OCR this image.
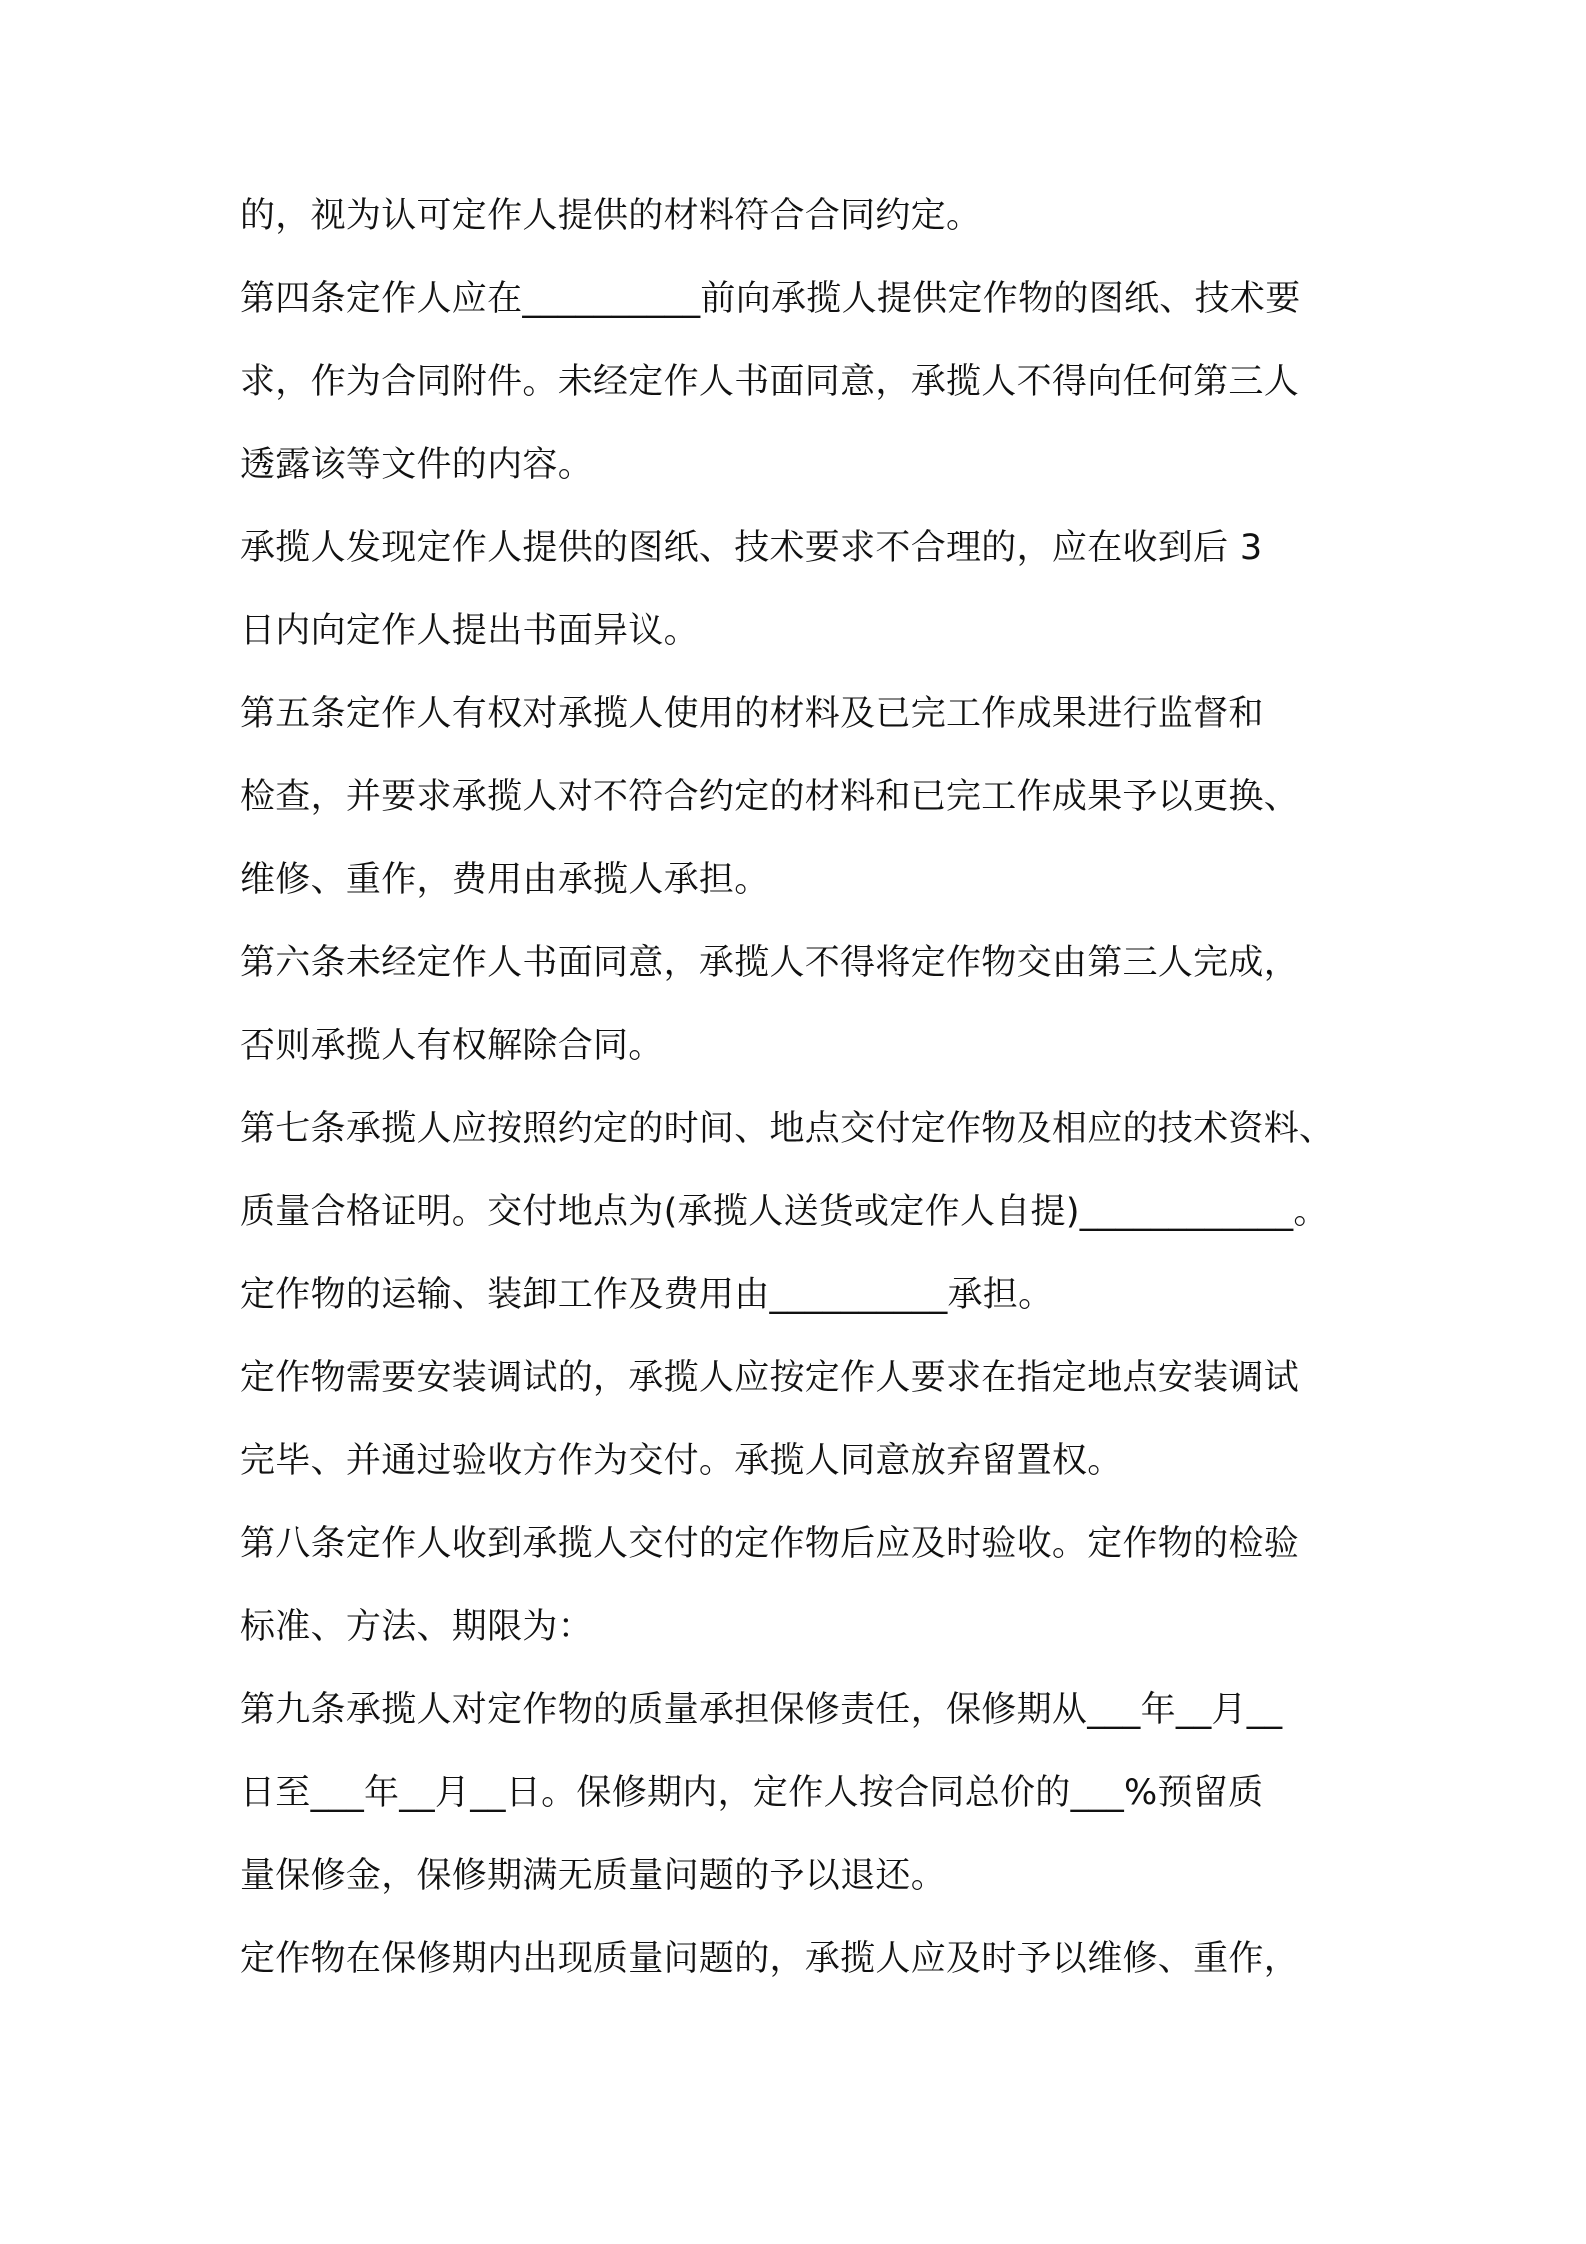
的，视为认可定作人提供的材料符合合同约定。
第四条定作人应在__________前向承揽人提供定作物的图纸、技术要
求，作为合同附件。未经定作人书面同意，承揽人不得向任何第三人
透露该等文件的内容。
承揽人发现定作人提供的图纸、技术要求不合理的，应在收到后 3
日内向定作人提出书面异议。
第五条定作人有权对承揽人使用的材料及已完工作成果进行监督和
检查，并要求承揽人对不符合约定的材料和已完工作成果予以更换、
维修、重作，费用由承揽人承担。
第六条未经定作人书面同意，承揽人不得将定作物交由第三人完成，
否则承揽人有权解除合同。
第七条承揽人应按照约定的时间、地点交付定作物及相应的技术资料、
质量合格证明。交付地点为(承揽人送货或定作人自提)____________。
定作物的运输、装卸工作及费用由__________承担。
定作物需要安装调试的，承揽人应按定作人要求在指定地点安装调试
完毕、并通过验收方作为交付。承揽人同意放弃留置权。
第八条定作人收到承揽人交付的定作物后应及时验收。定作物的检验
标准、方法、期限为：
第九条承揽人对定作物的质量承担保修责任，保修期从___年__月__
日至___年__月__日。保修期内，定作人按合同总价的___%预留质
量保修金，保修期满无质量问题的予以退还。
定作物在保修期内出现质量问题的，承揽人应及时予以维修、重作，
